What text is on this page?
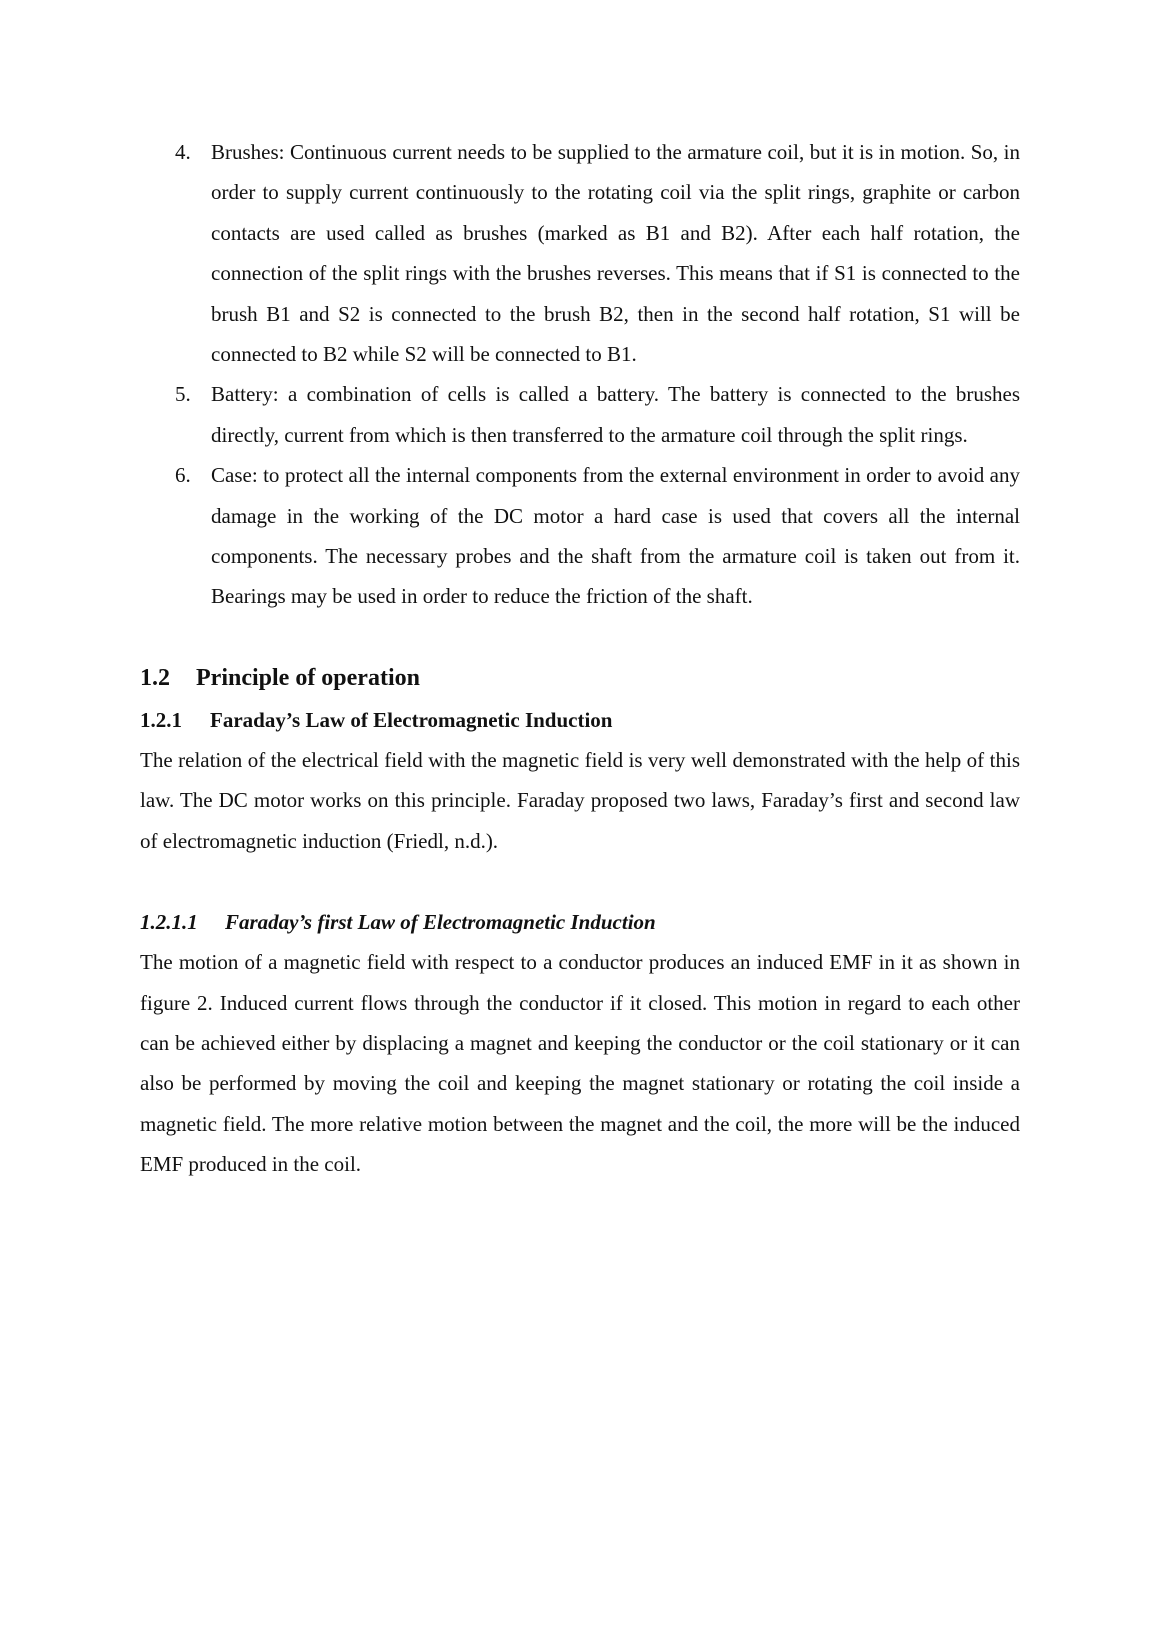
4. Brushes: Continuous current needs to be supplied to the armature coil, but it is in motion. So, in order to supply current continuously to the rotating coil via the split rings, graphite or carbon contacts are used called as brushes (marked as B1 and B2). After each half rotation, the connection of the split rings with the brushes reverses. This means that if S1 is connected to the brush B1 and S2 is connected to the brush B2, then in the second half rotation, S1 will be connected to B2 while S2 will be connected to B1.
5. Battery: a combination of cells is called a battery. The battery is connected to the brushes directly, current from which is then transferred to the armature coil through the split rings.
6. Case: to protect all the internal components from the external environment in order to avoid any damage in the working of the DC motor a hard case is used that covers all the internal components. The necessary probes and the shaft from the armature coil is taken out from it. Bearings may be used in order to reduce the friction of the shaft.
1.2	Principle of operation
1.2.1	Faraday’s Law of Electromagnetic Induction

The relation of the electrical field with the magnetic field is very well demonstrated with the help of this law. The DC motor works on this principle. Faraday proposed two laws, Faraday’s first and second law of electromagnetic induction (Friedl, n.d.).

1.2.1.1	Faraday’s first Law of Electromagnetic Induction

The motion of a magnetic field with respect to a conductor produces an induced EMF in it as shown in figure 2. Induced current flows through the conductor if it closed. This motion in regard to each other can be achieved either by displacing a magnet and keeping the conductor or the coil stationary or it can also be performed by moving the coil and keeping the magnet stationary or rotating the coil inside a magnetic field. The more relative motion between the magnet and the coil, the more will be the induced EMF produced in the coil.
